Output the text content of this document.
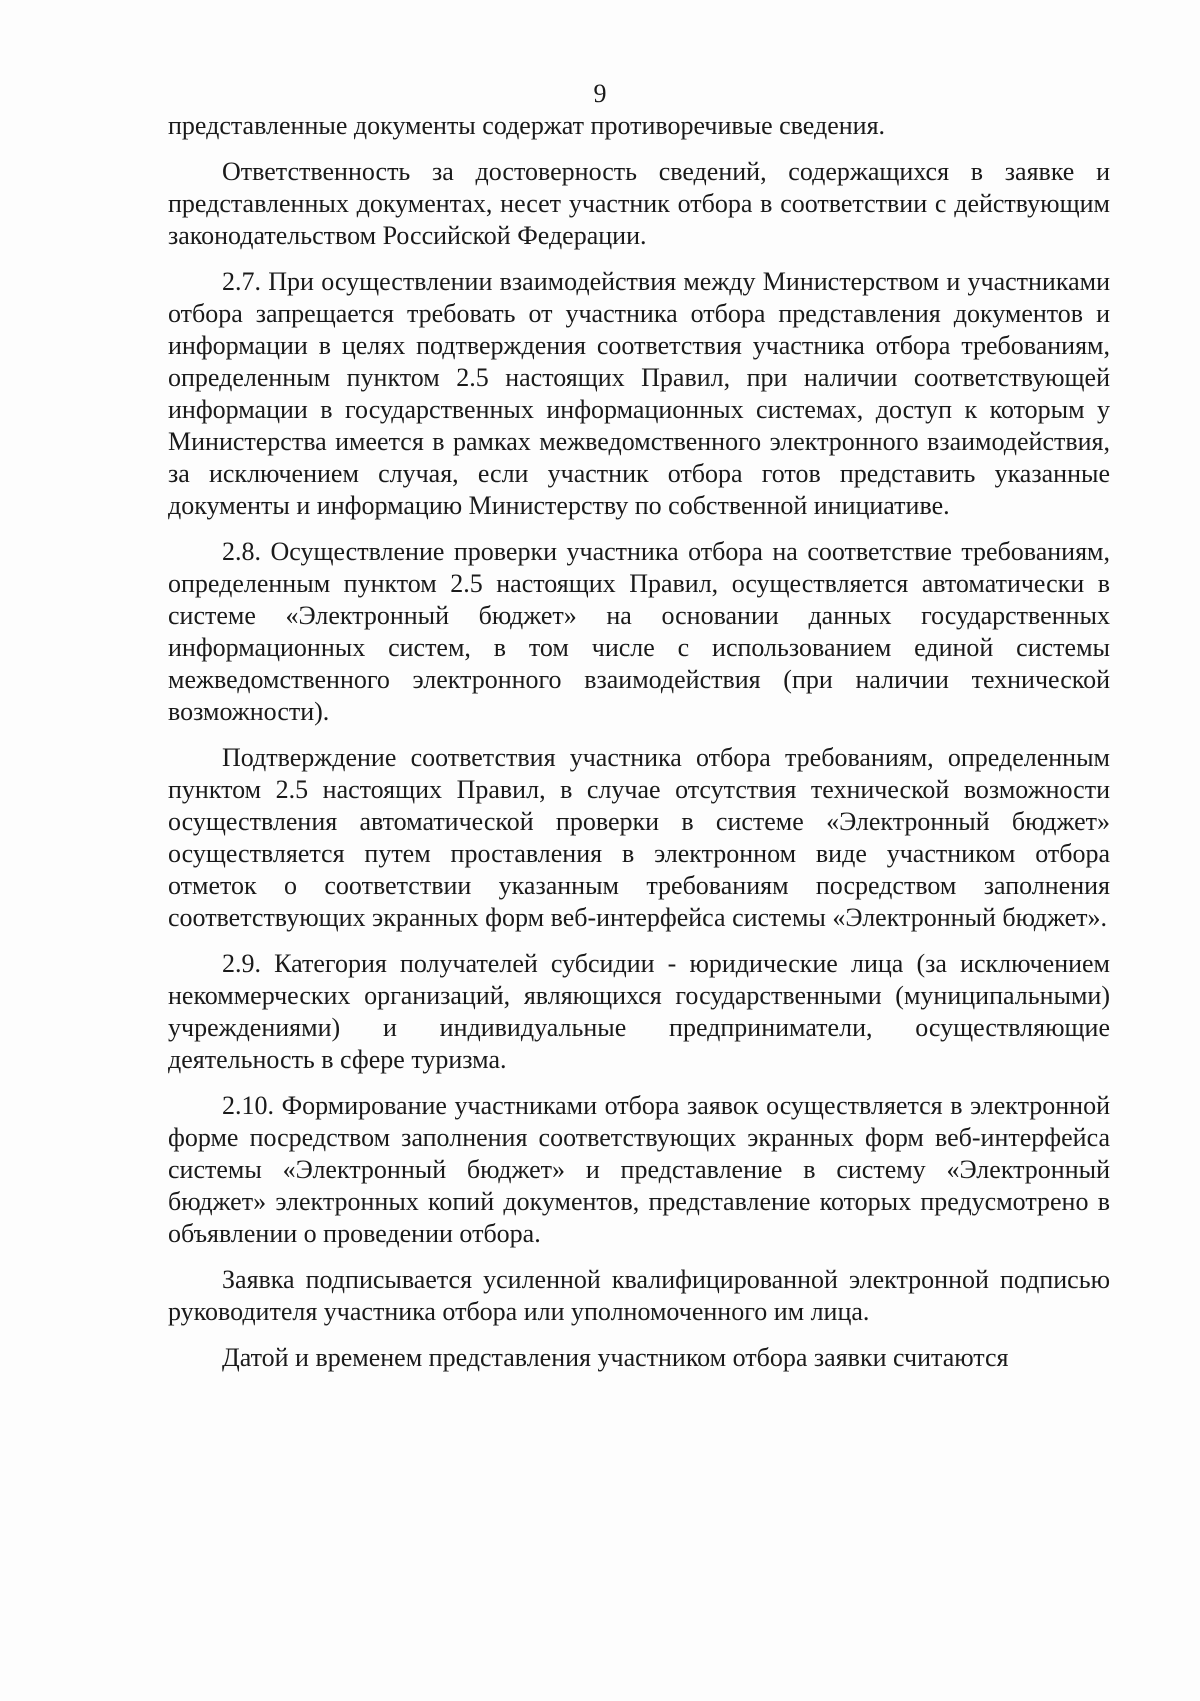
9

представленные документы содержат противоречивые сведения.

Ответственность за достоверность сведений, содержащихся в заявке и представленных документах, несет участник отбора в соответствии с действующим законодательством Российской Федерации.

2.7. При осуществлении взаимодействия между Министерством и участниками отбора запрещается требовать от участника отбора представления документов и информации в целях подтверждения соответствия участника отбора требованиям, определенным пунктом 2.5 настоящих Правил, при наличии соответствующей информации в государственных информационных системах, доступ к которым у Министерства имеется в рамках межведомственного электронного взаимодействия, за исключением случая, если участник отбора готов представить указанные документы и информацию Министерству по собственной инициативе.

2.8. Осуществление проверки участника отбора на соответствие требованиям, определенным пунктом 2.5 настоящих Правил, осуществляется автоматически в системе «Электронный бюджет» на основании данных государственных информационных систем, в том числе с использованием единой системы межведомственного электронного взаимодействия (при наличии технической возможности).

Подтверждение соответствия участника отбора требованиям, определенным пунктом 2.5 настоящих Правил, в случае отсутствия технической возможности осуществления автоматической проверки в системе «Электронный бюджет» осуществляется путем проставления в электронном виде участником отбора отметок о соответствии указанным требованиям посредством заполнения соответствующих экранных форм веб-интерфейса системы «Электронный бюджет».

2.9. Категория получателей субсидии - юридические лица (за исключением некоммерческих организаций, являющихся государственными (муниципальными) учреждениями) и индивидуальные предприниматели, осуществляющие деятельность в сфере туризма.

2.10. Формирование участниками отбора заявок осуществляется в электронной форме посредством заполнения соответствующих экранных форм веб-интерфейса системы «Электронный бюджет» и представление в систему «Электронный бюджет» электронных копий документов, представление которых предусмотрено в объявлении о проведении отбора.

Заявка подписывается усиленной квалифицированной электронной подписью руководителя участника отбора или уполномоченного им лица.

Датой и временем представления участником отбора заявки считаются
